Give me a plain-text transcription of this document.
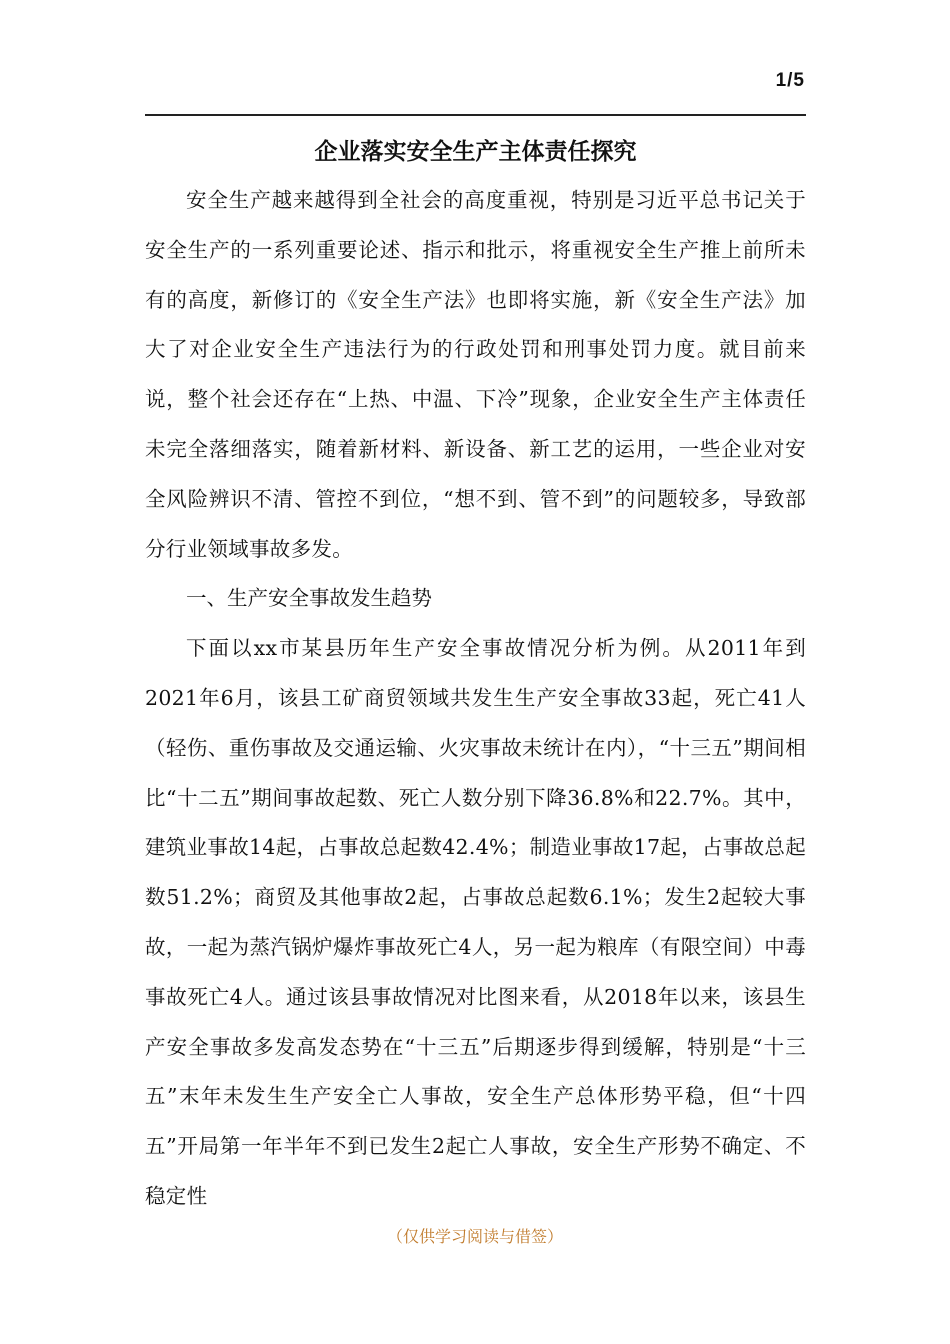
1/5
企业落实安全生产主体责任探究

安全生产越来越得到全社会的高度重视，特别是习近平总书记关于安全生产的一系列重要论述、指示和批示，将重视安全生产推上前所未有的高度，新修订的《安全生产法》也即将实施，新《安全生产法》加大了对企业安全生产违法行为的行政处罚和刑事处罚力度。就目前来说，整个社会还存在“上热、中温、下冷”现象，企业安全生产主体责任未完全落细落实，随着新材料、新设备、新工艺的运用，一些企业对安全风险辨识不清、管控不到位，“想不到、管不到”的问题较多，导致部分行业领域事故多发。

一、生产安全事故发生趋势

下面以xx市某县历年生产安全事故情况分析为例。从2011年到2021年6月，该县工矿商贸领域共发生生产安全事故33起，死亡41人（轻伤、重伤事故及交通运输、火灾事故未统计在内），“十三五”期间相比“十二五”期间事故起数、死亡人数分别下降36.8%和22.7%。其中，建筑业事故14起，占事故总起数42.4%；制造业事故17起，占事故总起数51.2%；商贸及其他事故2起，占事故总起数6.1%；发生2起较大事故，一起为蒸汽锅炉爆炸事故死亡4人，另一起为粮库（有限空间）中毒事故死亡4人。通过该县事故情况对比图来看，从2018年以来，该县生产安全事故多发高发态势在“十三五”后期逐步得到缓解，特别是“十三五”末年未发生生产安全亡人事故，安全生产总体形势平稳，但“十四五”开局第一年半年不到已发生2起亡人事故，安全生产形势不确定、不稳定性

（仅供学习阅读与借签）
